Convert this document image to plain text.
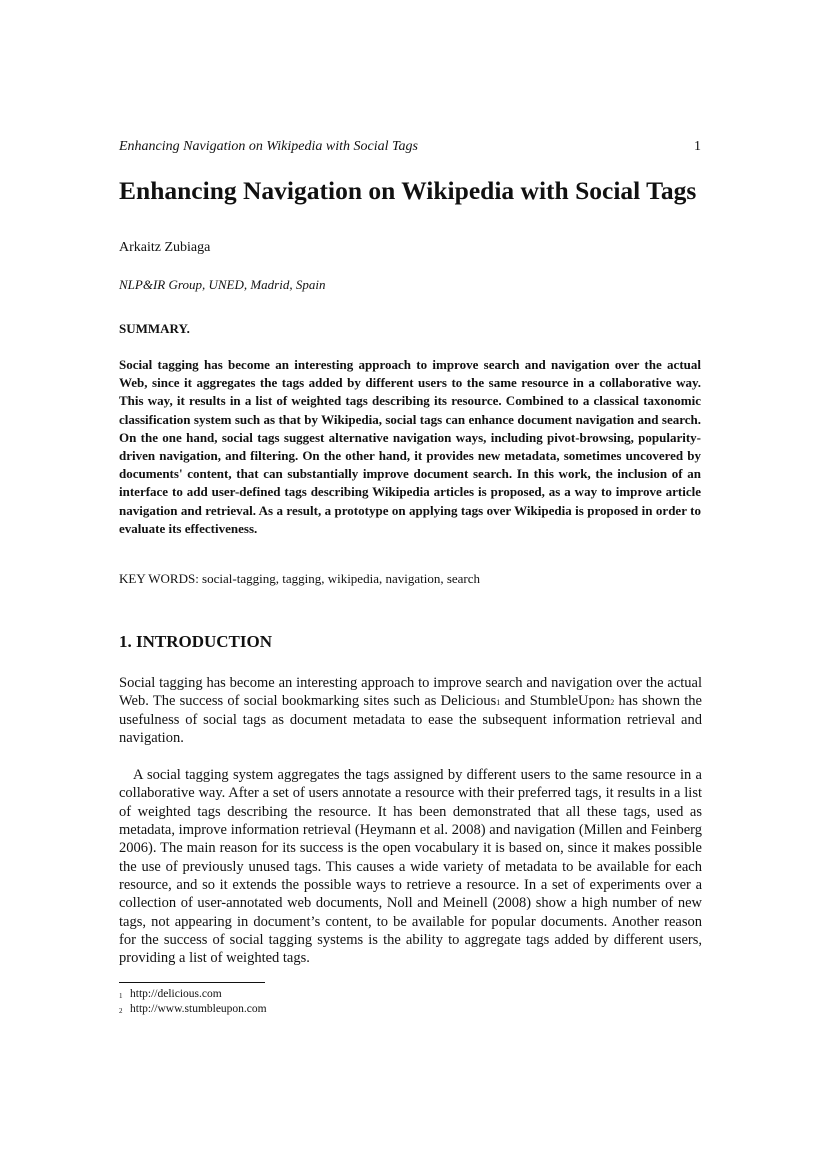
Enhancing Navigation on Wikipedia with Social Tags	1
Enhancing Navigation on Wikipedia with Social Tags
Arkaitz Zubiaga
NLP&IR Group, UNED, Madrid, Spain
SUMMARY.

Social tagging has become an interesting approach to improve search and navigation over the actual Web, since it aggregates the tags added by different users to the same resource in a collaborative way. This way, it results in a list of weighted tags describing its resource. Combined to a classical taxonomic classification system such as that by Wikipedia, social tags can enhance document navigation and search. On the one hand, social tags suggest alternative navigation ways, including pivot-browsing, popularity-driven navigation, and filtering. On the other hand, it provides new metadata, sometimes uncovered by documents' content, that can substantially improve document search. In this work, the inclusion of an interface to add user-defined tags describing Wikipedia articles is proposed, as a way to improve article navigation and retrieval. As a result, a prototype on applying tags over Wikipedia is proposed in order to evaluate its effectiveness.

KEY WORDS: social-tagging, tagging, wikipedia, navigation, search
1. INTRODUCTION

Social tagging has become an interesting approach to improve search and navigation over the actual Web. The success of social bookmarking sites such as Delicious$^1$ and StumbleUpon$^2$ has shown the usefulness of social tags as document metadata to ease the subsequent information retrieval and navigation.

A social tagging system aggregates the tags assigned by different users to the same resource in a collaborative way. After a set of users annotate a resource with their preferred tags, it results in a list of weighted tags describing the resource. It has been demonstrated that all these tags, used as metadata, improve information retrieval (Heymann et al. 2008) and navigation (Millen and Feinberg 2006). The main reason for its success is the open vocabulary it is based on, since it makes possible the use of previously unused tags. This causes a wide variety of metadata to be available for each resource, and so it extends the possible ways to retrieve a resource. In a set of experiments over a collection of user-annotated web documents, Noll and Meinell (2008) show a high number of new tags, not appearing in document’s content, to be available for popular documents. Another reason for the success of social tagging systems is the ability to aggregate tags added by different users, providing a list of weighted tags.

1 http://delicious.com
2 http://www.stumbleupon.com
